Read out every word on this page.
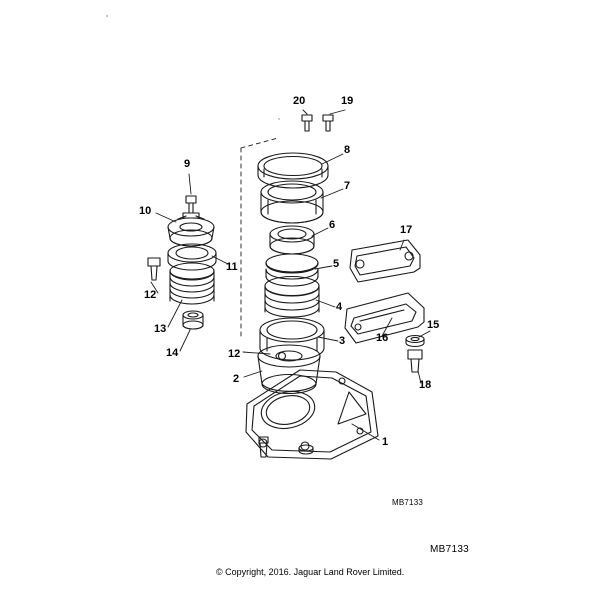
1
2
3
4
5
6
7
8
9
10
11
12
13
14	12
15
16
17
18
19
20
MB7133
MB7133
© Copyright, 2016. Jaguar Land Rover Limited.
